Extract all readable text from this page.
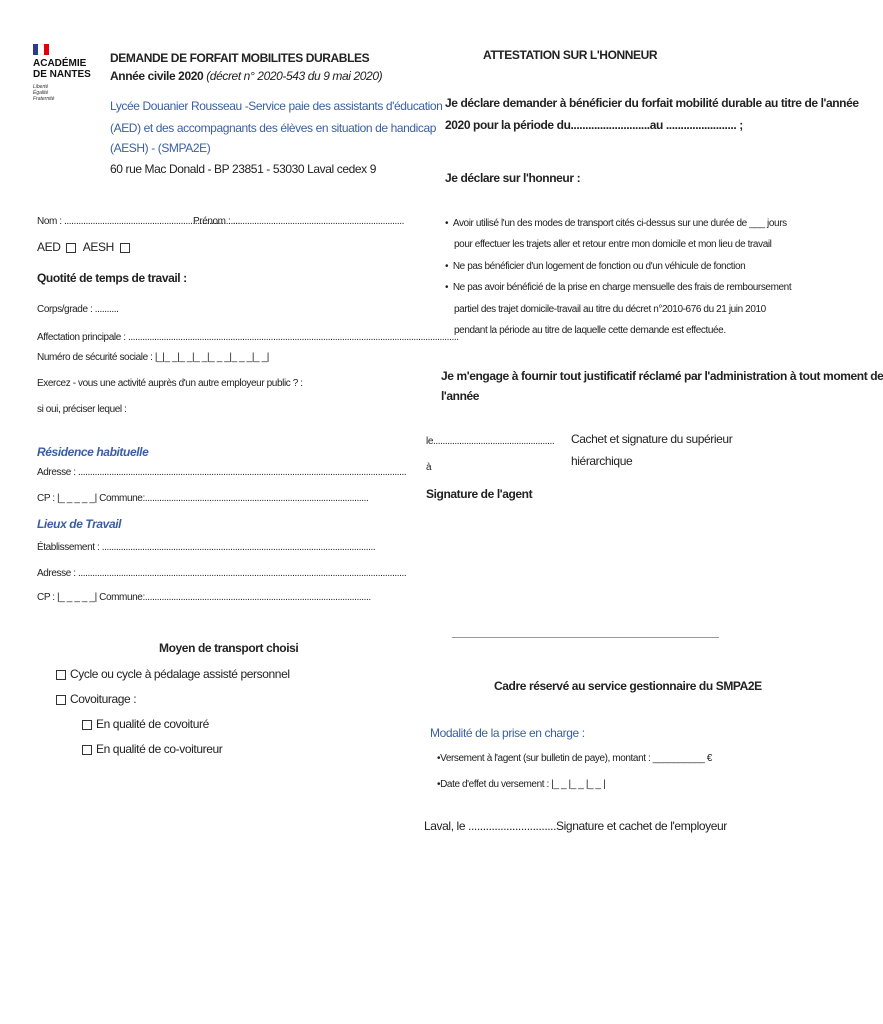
ACADÉMIE
DE NANTES
Liberté
Égalité
Fraternité
DEMANDE DE FORFAIT MOBILITES DURABLES
Année civile 2020 (décret n° 2020-543 du 9 mai 2020)
Lycée Douanier Rousseau -Service paie des assistants d'éducation
(AED) et des accompagnants des élèves en situation de handicap
(AESH) - (SMPA2E)
60 rue Mac Donald - BP 23851 - 53030 Laval cedex 9
Nom : ..........................................................................
Prénom : ........................................................................
AED AESH
Quotité de temps de travail :
Corps/grade : ..........
Affectation principale : ...........................................................................................................................................
Numéro de sécurité sociale : |_|_ _|_ _|_ _|_ _ _|_ _ _|_ _|
Exercez - vous une activité auprès d'un autre employeur public ? :
si oui, préciser lequel :
Résidence habituelle
Adresse : ..........................................................................................................................................
CP : |_ _ _ _ _| Commune:..............................................................................................
Lieux de Travail
Établissement : ...................................................................................................................
Adresse : ..........................................................................................................................................
CP : |_ _ _ _ _| Commune:...............................................................................................
Moyen de transport choisi
Cycle ou cycle à pédalage assisté personnel
Covoiturage :
En qualité de covoituré
En qualité de co-voitureur
ATTESTATION SUR L'HONNEUR
Je déclare demander à bénéficier du forfait mobilité durable au titre de l'année
2020 pour la période du...........................au ........................ ;
Je déclare sur l'honneur :
•  Avoir utilisé l'un des modes de transport cités ci-dessus sur une durée de ___ jours
pour effectuer les trajets aller et retour entre mon domicile et mon lieu de travail
•  Ne pas bénéficier d'un logement de fonction ou d'un véhicule de fonction
•  Ne pas avoir bénéficié de la prise en charge mensuelle des frais de remboursement
partiel des trajet domicile-travail au titre du décret n°2010-676 du 21 juin 2010
pendant la période au titre de laquelle cette demande est effectuée.
Je m'engage à fournir tout justificatif réclamé par l'administration à tout moment de
l'année
le...................................................
à
Cachet et signature du supérieur
hiérarchique
Signature de l'agent
________________________________________
Cadre réservé au service gestionnaire du SMPA2E
Modalité de la prise en charge :
•Versement à l'agent (sur bulletin de paye), montant : __________ €
•Date d'effet du versement : |_ _ |_ _ |_ _ |
Laval, le ..............................Signature et cachet de l'employeur
